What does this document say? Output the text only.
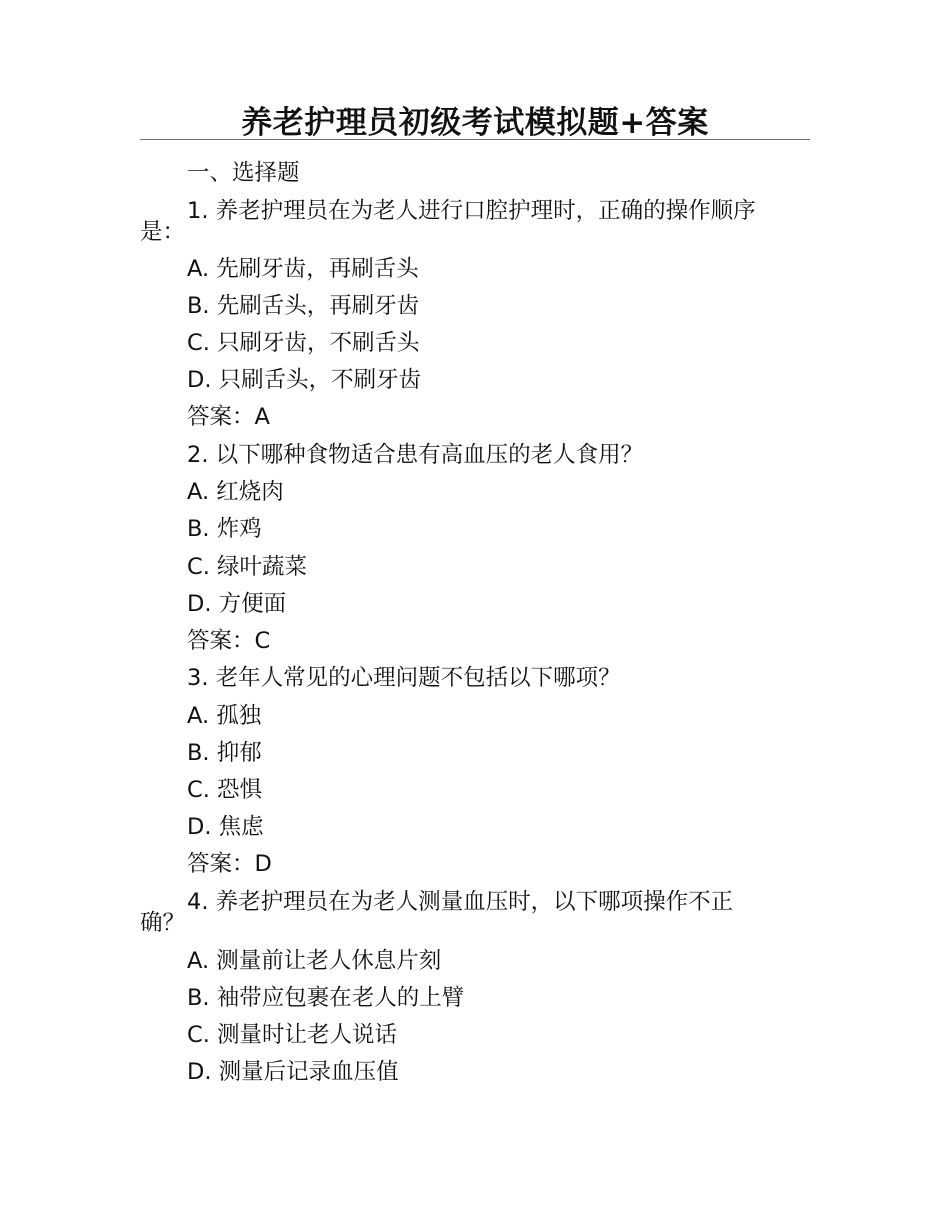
养老护理员初级考试模拟题+答案
一、选择题
1. 养老护理员在为老人进行口腔护理时，正确的操作顺序
是：
A. 先刷牙齿，再刷舌头
B. 先刷舌头，再刷牙齿
C. 只刷牙齿，不刷舌头
D. 只刷舌头，不刷牙齿
答案：A
2. 以下哪种食物适合患有高血压的老人食用？
A. 红烧肉
B. 炸鸡
C. 绿叶蔬菜
D. 方便面
答案：C
3. 老年人常见的心理问题不包括以下哪项？
A. 孤独
B. 抑郁
C. 恐惧
D. 焦虑
答案：D
4. 养老护理员在为老人测量血压时，以下哪项操作不正
确？
A. 测量前让老人休息片刻
B. 袖带应包裹在老人的上臂
C. 测量时让老人说话
D. 测量后记录血压值
